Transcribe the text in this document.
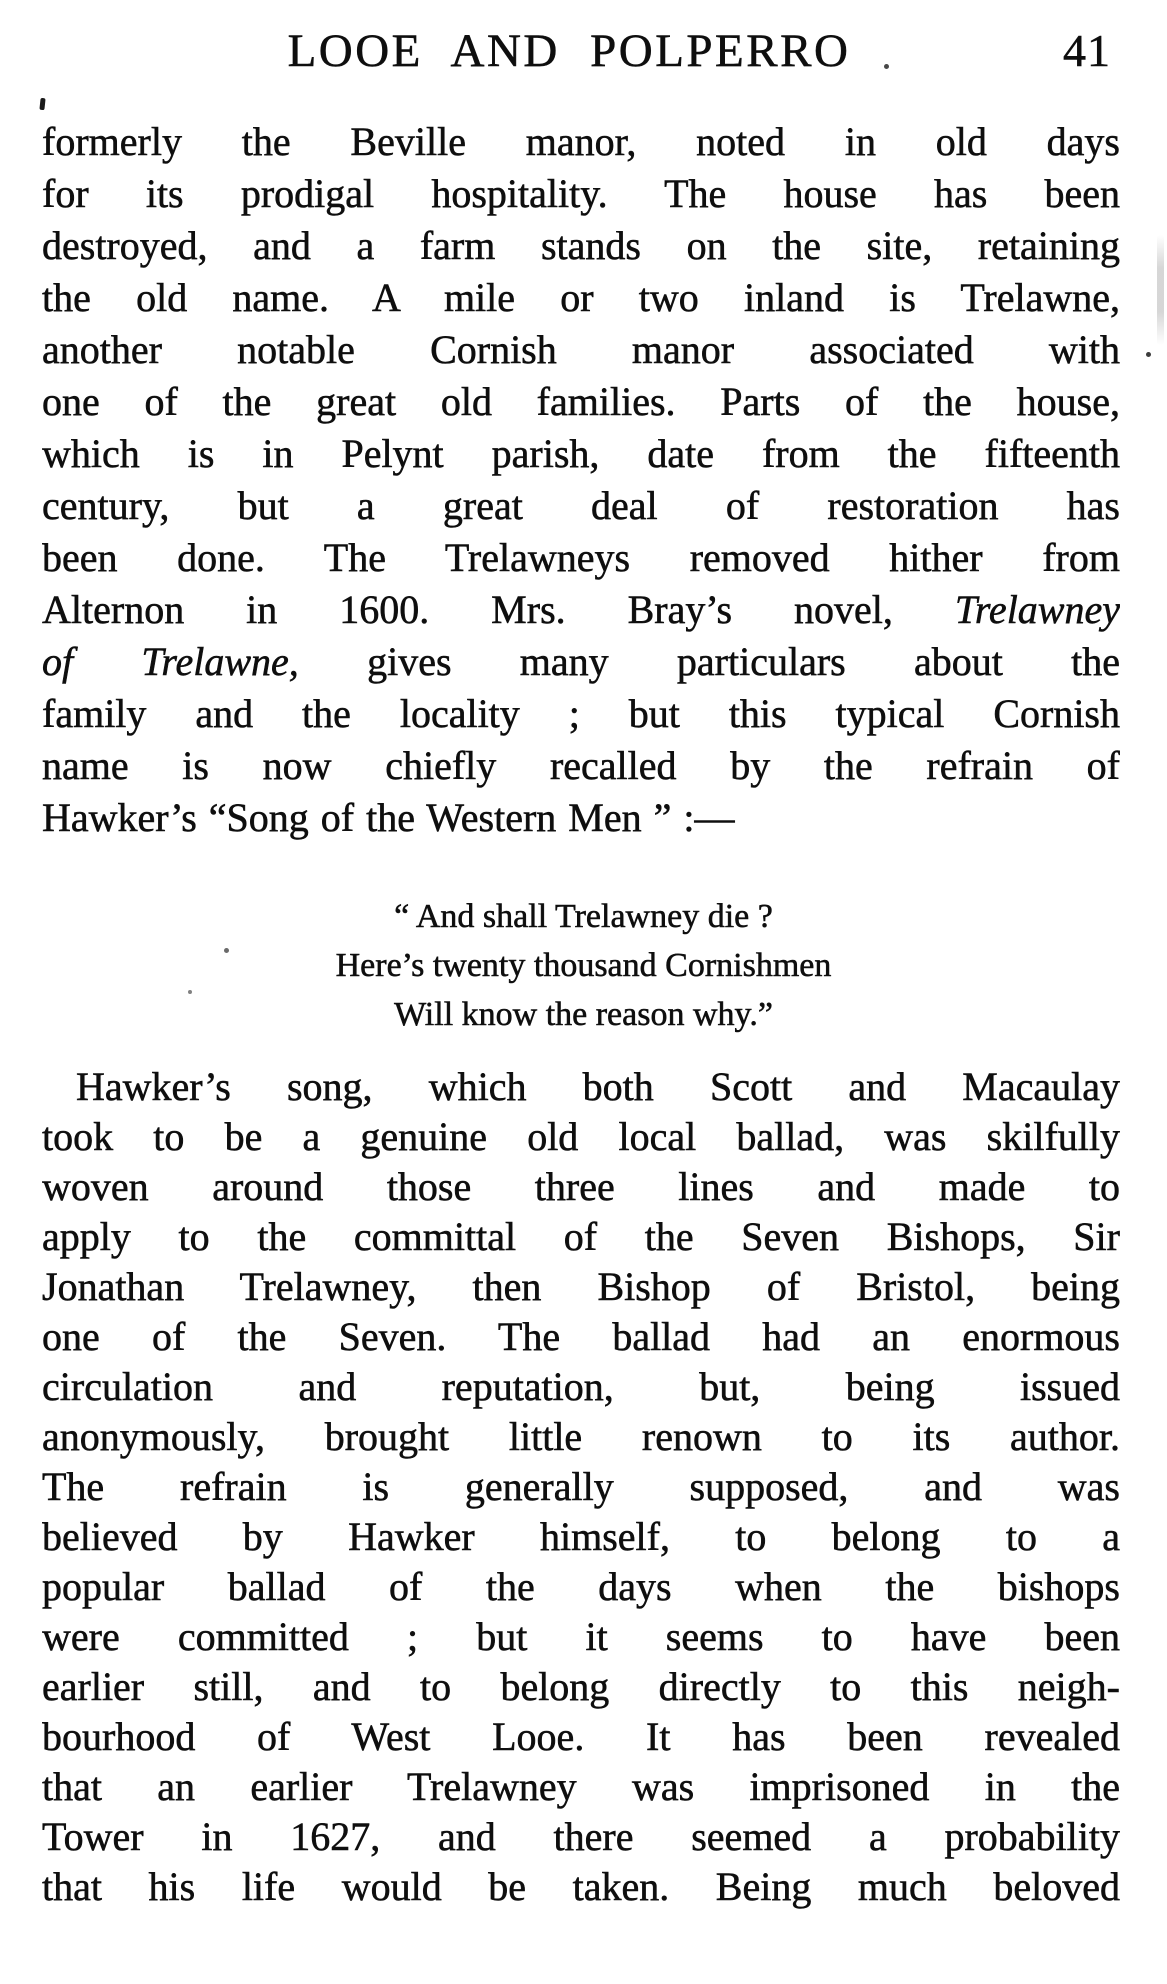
LOOE AND POLPERRO	41
formerly the Beville manor, noted in old days
for its prodigal hospitality. The house has been
destroyed, and a farm stands on the site, retaining
the old name. A mile or two inland is Trelawne,
another notable Cornish manor associated with
one of the great old families. Parts of the house,
which is in Pelynt parish, date from the fifteenth
century, but a great deal of restoration has
been done. The Trelawneys removed hither from
Alternon in 1600. Mrs. Bray’s novel, Trelawney
of Trelawne, gives many particulars about the
family and the locality ; but this typical Cornish
name is now chiefly recalled by the refrain of
Hawker’s “Song of the Western Men ” :—
“ And shall Trelawney die ?
Here’s twenty thousand Cornishmen
Will know the reason why.”
Hawker’s song, which both Scott and Macaulay
took to be a genuine old local ballad, was skilfully
woven around those three lines and made to
apply to the committal of the Seven Bishops, Sir
Jonathan Trelawney, then Bishop of Bristol, being
one of the Seven. The ballad had an enormous
circulation and reputation, but, being issued
anonymously, brought little renown to its author.
The refrain is generally supposed, and was
believed by Hawker himself, to belong to a
popular ballad of the days when the bishops
were committed ; but it seems to have been
earlier still, and to belong directly to this neigh-
bourhood of West Looe. It has been revealed
that an earlier Trelawney was imprisoned in the
Tower in 1627, and there seemed a probability
that his life would be taken. Being much beloved
